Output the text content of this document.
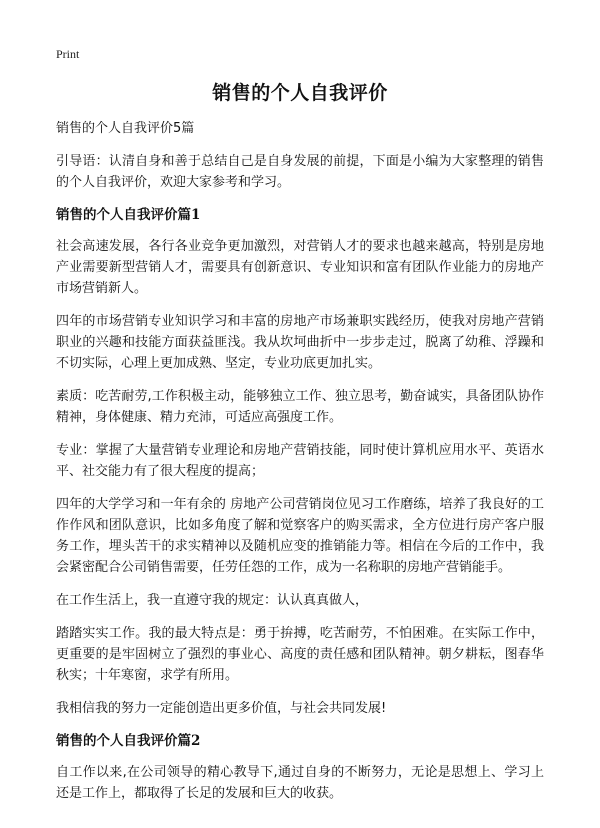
Print
销售的个人自我评价

销售的个人自我评价5篇

引导语：认清自身和善于总结自己是自身发展的前提，下面是小编为大家整理的销售的个人自我评价，欢迎大家参考和学习。

销售的个人自我评价篇1

社会高速发展，各行各业竞争更加激烈，对营销人才的要求也越来越高，特别是房地产业需要新型营销人才，需要具有创新意识、专业知识和富有团队作业能力的房地产市场营销新人。

四年的市场营销专业知识学习和丰富的房地产市场兼职实践经历，使我对房地产营销职业的兴趣和技能方面获益匪浅。我从坎坷曲折中一步步走过，脱离了幼稚、浮躁和不切实际，心理上更加成熟、坚定，专业功底更加扎实。

素质：吃苦耐劳,工作积极主动，能够独立工作、独立思考，勤奋诚实，具备团队协作精神，身体健康、精力充沛，可适应高强度工作。

专业：掌握了大量营销专业理论和房地产营销技能，同时使计算机应用水平、英语水平、社交能力有了很大程度的提高；

四年的大学学习和一年有余的 房地产公司营销岗位见习工作磨练，培养了我良好的工作作风和团队意识，比如多角度了解和觉察客户的购买需求，全方位进行房产客户服务工作，埋头苦干的求实精神以及随机应变的推销能力等。相信在今后的工作中，我会紧密配合公司销售需要，任劳任怨的工作，成为一名称职的房地产营销能手。

在工作生活上，我一直遵守我的规定：认认真真做人，

踏踏实实工作。我的最大特点是：勇于拚搏，吃苦耐劳，不怕困难。在实际工作中，更重要的是牢固树立了强烈的事业心、高度的责任感和团队精神。朝夕耕耘，图春华秋实；十年寒窗，求学有所用。

我相信我的努力一定能创造出更多价值，与社会共同发展!

销售的个人自我评价篇2

自工作以来,在公司领导的精心教导下,通过自身的不断努力，无论是思想上、学习上还是工作上，都取得了长足的发展和巨大的收获。
